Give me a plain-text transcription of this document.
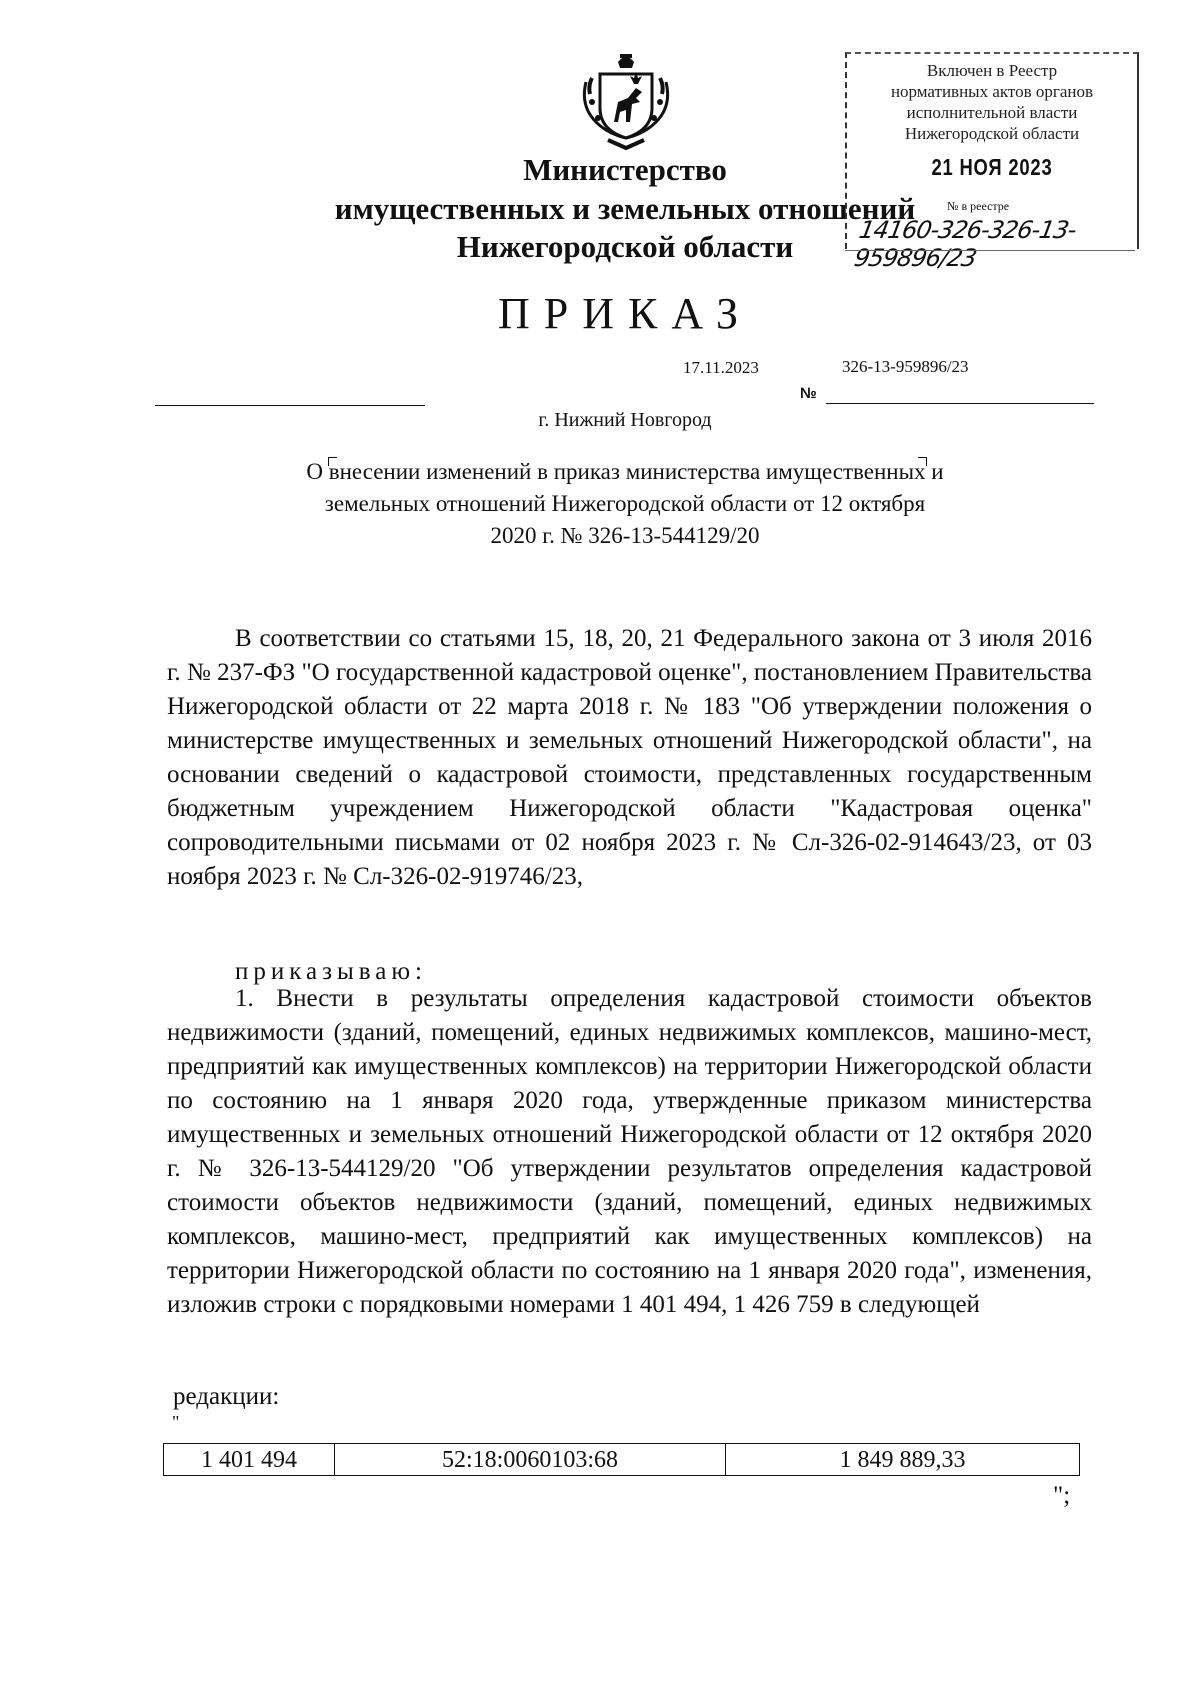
Министерство
имущественных и земельных отношений
Нижегородской области
ПРИКАЗ
17.11.2023	326-13-959896/23
№
г. Нижний Новгород
О внесении изменений в приказ министерства имущественных и земельных отношений Нижегородской области от 12 октября 2020 г. № 326-13-544129/20
В соответствии со статьями 15, 18, 20, 21 Федерального закона от 3 июля 2016 г. № 237-ФЗ "О государственной кадастровой оценке", постановлением Правительства Нижегородской области от 22 марта 2018 г. № 183 "Об утверждении положения о министерстве имущественных и земельных отношений Нижегородской области", на основании сведений о кадастровой стоимости, представленных государственным бюджетным учреждением Нижегородской области "Кадастровая оценка" сопроводительными письмами от 02 ноября 2023 г. № Сл-326-02-914643/23, от 03 ноября 2023 г. № Сл-326-02-919746/23,
приказываю:
1. Внести в результаты определения кадастровой стоимости объектов недвижимости (зданий, помещений, единых недвижимых комплексов, машино-мест, предприятий как имущественных комплексов) на территории Нижегородской области по состоянию на 1 января 2020 года, утвержденные приказом министерства имущественных и земельных отношений Нижегородской области от 12 октября 2020 г. № 326-13-544129/20 "Об утверждении результатов определения кадастровой стоимости объектов недвижимости (зданий, помещений, единых недвижимых комплексов, машино-мест, предприятий как имущественных комплексов) на территории Нижегородской области по состоянию на 1 января 2020 года", изменения, изложив строки с порядковыми номерами 1 401 494, 1 426 759 в следующей
редакции:
"
1 401 494	52:18:0060103:68	1 849 889,33
";
Включен в Реестр
нормативных актов органов
исполнительной власти
Нижегородской области
21 НОЯ 2023
№ в реестре
14160-326-326-13-959896/23
